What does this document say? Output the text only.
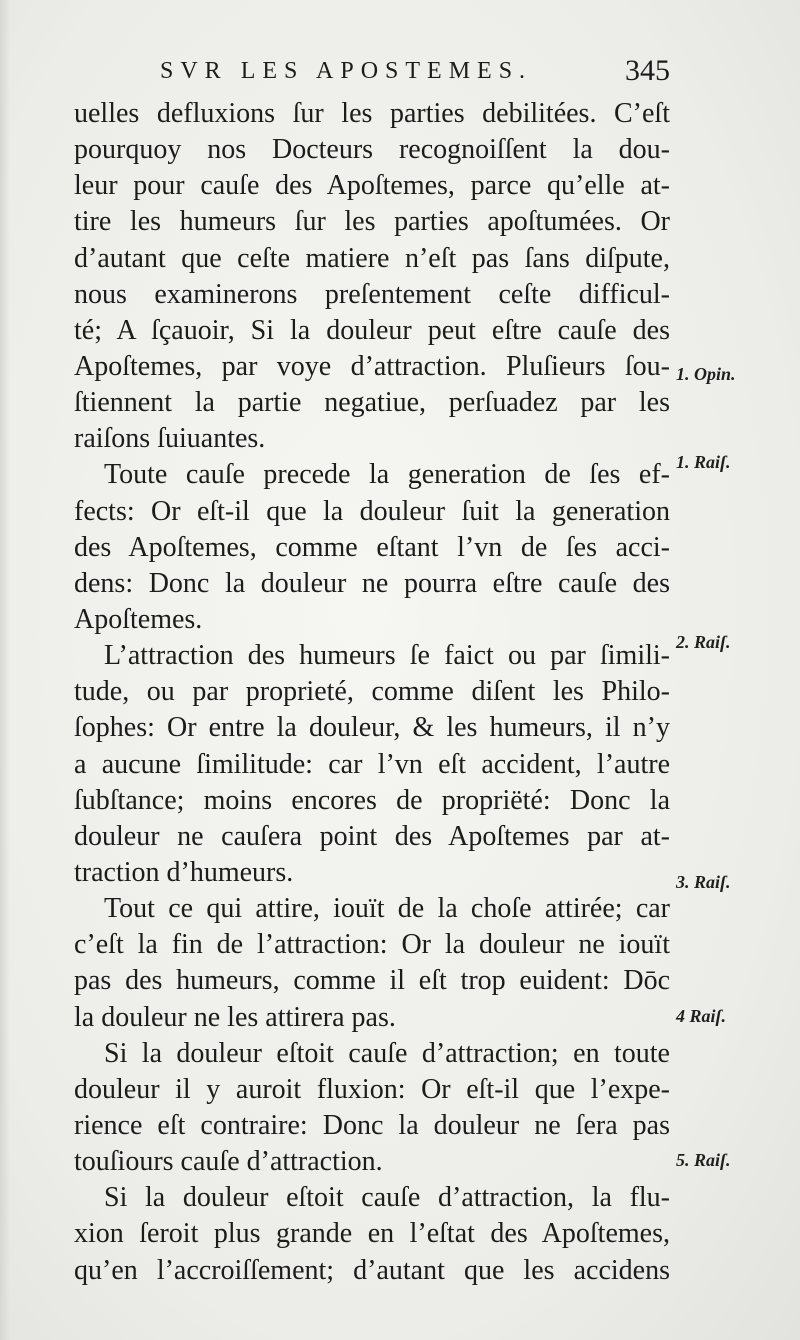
SVR LES APOSTEMES.	345
uelles defluxions ſur les parties debilitées. C’eſt
pourquoy nos Docteurs recognoiſſent la dou-
leur pour cauſe des Apoſtemes, parce qu’elle at-
tire les humeurs ſur les parties apoſtumées. Or
d’autant que ceſte matiere n’eſt pas ſans diſpute,
nous examinerons preſentement ceſte difficul-
té; A ſçauoir, Si la douleur peut eſtre cauſe des
Apoſtemes, par voye d’attraction. Pluſieurs ſou-
ſtiennent la partie negatiue, perſuadez par les
raiſons ſuiuantes.
Toute cauſe precede la generation de ſes ef-
fects: Or eſt-il que la douleur ſuit la generation
des Apoſtemes, comme eſtant l’vn de ſes acci-
dens: Donc la douleur ne pourra eſtre cauſe des
Apoſtemes.
L’attraction des humeurs ſe faict ou par ſimili-
tude, ou par proprieté, comme diſent les Philo-
ſophes: Or entre la douleur, & les humeurs, il n’y
a aucune ſimilitude: car l’vn eſt accident, l’autre
ſubſtance; moins encores de propriëté: Donc la
douleur ne cauſera point des Apoſtemes par at-
traction d’humeurs.
Tout ce qui attire, iouït de la choſe attirée; car
c’eſt la fin de l’attraction: Or la douleur ne iouït
pas des humeurs, comme il eſt trop euident: Dōc
la douleur ne les attirera pas.
Si la douleur eſtoit cauſe d’attraction; en toute
douleur il y auroit fluxion: Or eſt-il que l’expe-
rience eſt contraire: Donc la douleur ne ſera pas
touſiours cauſe d’attraction.
Si la douleur eſtoit cauſe d’attraction, la flu-
xion ſeroit plus grande en l’eſtat des Apoſtemes,
qu’en l’accroiſſement; d’autant que les accidens
1. Opin.
1. Raiſ.
2. Raiſ.
3. Raiſ.
4 Raiſ.
5. Raiſ.
